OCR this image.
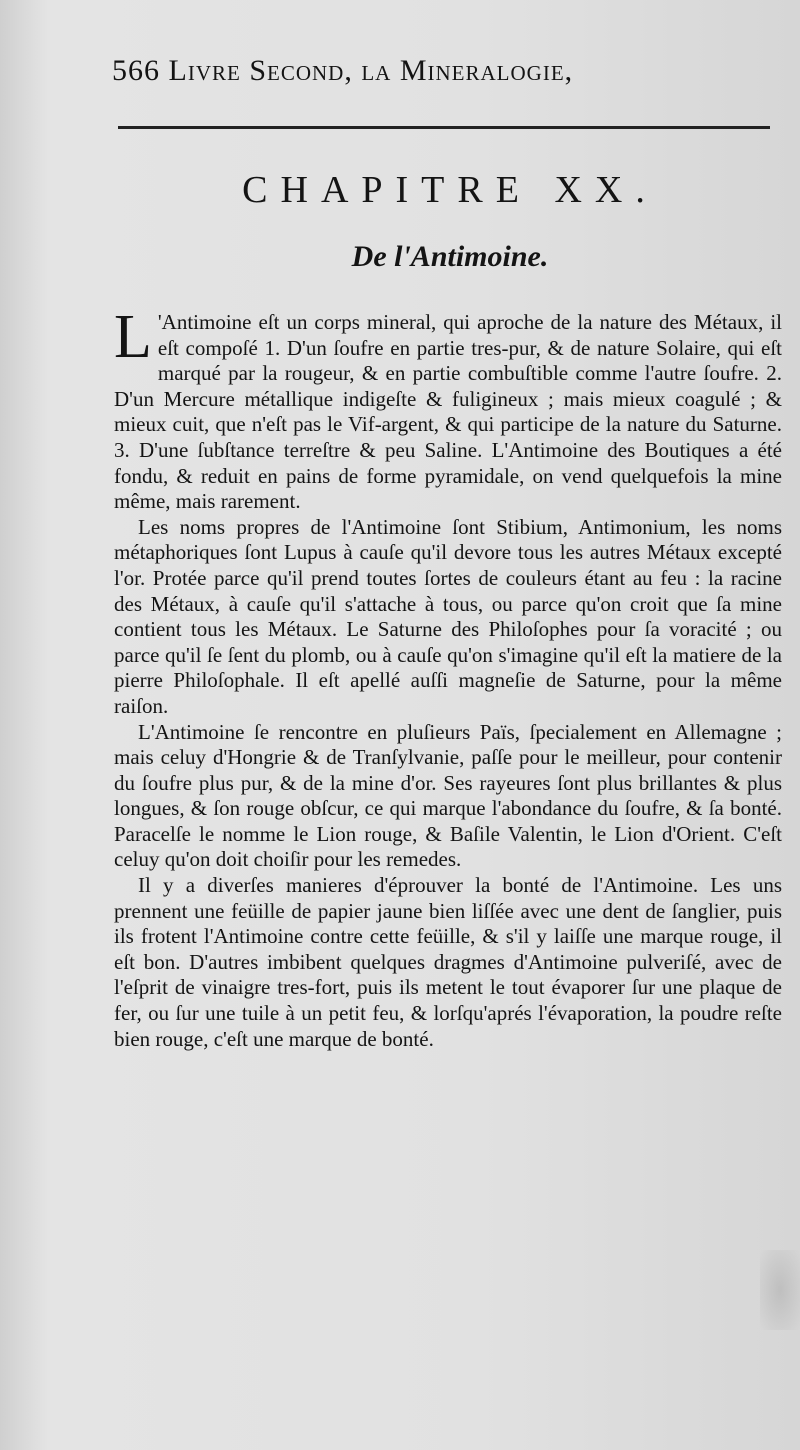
566 Livre Second, la Mineralogie,
CHAPITRE XX.
De l'Antimoine.

L 'Antimoine eſt un corps mineral, qui aproche de la nature des Métaux, il eſt compoſé 1. D'un ſoufre en partie tres-pur, & de nature Solaire, qui eſt marqué par la rougeur, & en partie combuſtible comme l'autre ſoufre. 2. D'un Mercure métallique indigeſte & fuligineux ; mais mieux coagulé ; & mieux cuit, que n'eſt pas le Vif-argent, & qui participe de la nature du Saturne. 3. D'une ſubſtance terreſtre & peu Saline. L'Antimoine des Boutiques a été fondu, & reduit en pains de forme pyramidale, on vend quelquefois la mine même, mais rarement.

Les noms propres de l'Antimoine ſont Stibium, Antimonium, les noms métaphoriques ſont Lupus à cauſe qu'il devore tous les autres Métaux excepté l'or. Protée parce qu'il prend toutes ſortes de couleurs étant au feu : la racine des Métaux, à cauſe qu'il s'attache à tous, ou parce qu'on croit que ſa mine contient tous les Métaux. Le Saturne des Philoſophes pour ſa voracité ; ou parce qu'il ſe ſent du plomb, ou à cauſe qu'on s'imagine qu'il eſt la matiere de la pierre Philoſophale. Il eſt apellé auſſi magneſie de Saturne, pour la même raiſon.

L'Antimoine ſe rencontre en pluſieurs Païs, ſpecialement en Allemagne ; mais celuy d'Hongrie & de Tranſylvanie, paſſe pour le meilleur, pour contenir du ſoufre plus pur, & de la mine d'or. Ses rayeures ſont plus brillantes & plus longues, & ſon rouge obſcur, ce qui marque l'abondance du ſoufre, & ſa bonté. Paracelſe le nomme le Lion rouge, & Baſile Valentin, le Lion d'Orient. C'eſt celuy qu'on doit choiſir pour les remedes.

Il y a diverſes manieres d'éprouver la bonté de l'Antimoine. Les uns prennent une feüille de papier jaune bien liſſée avec une dent de ſanglier, puis ils frotent l'Antimoine contre cette feüille, & s'il y laiſſe une marque rouge, il eſt bon. D'autres imbibent quelques dragmes d'Antimoine pulveriſé, avec de l'eſprit de vinaigre tres-fort, puis ils metent le tout évaporer ſur une plaque de fer, ou ſur une tuile à un petit feu, & lorſqu'aprés l'évaporation, la poudre reſte bien rouge, c'eſt une marque de bonté.
